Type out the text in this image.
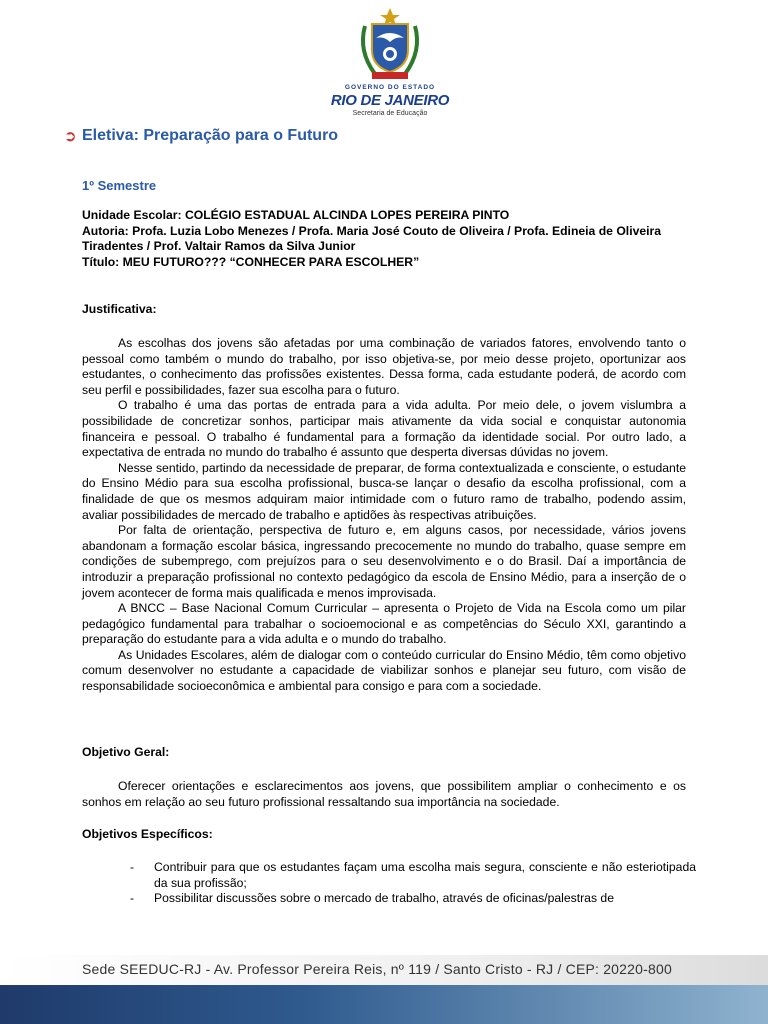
GOVERNO DO ESTADO
RIO DE JANEIRO
Secretaria de Educação
➲ Eletiva: Preparação para o Futuro
1º Semestre
Unidade Escolar: COLÉGIO ESTADUAL ALCINDA LOPES PEREIRA PINTO
Autoria: Profa. Luzia Lobo Menezes / Profa. Maria José Couto de Oliveira / Profa. Edineia de Oliveira Tiradentes / Prof. Valtair Ramos da Silva Junior
Título: MEU FUTURO??? “CONHECER PARA ESCOLHER”
Justificativa:

As escolhas dos jovens são afetadas por uma combinação de variados fatores, envolvendo tanto o pessoal como também o mundo do trabalho, por isso objetiva-se, por meio desse projeto, oportunizar aos estudantes, o conhecimento das profissões existentes. Dessa forma, cada estudante poderá, de acordo com seu perfil e possibilidades, fazer sua escolha para o futuro.

O trabalho é uma das portas de entrada para a vida adulta. Por meio dele, o jovem vislumbra a possibilidade de concretizar sonhos, participar mais ativamente da vida social e conquistar autonomia financeira e pessoal. O trabalho é fundamental para a formação da identidade social. Por outro lado, a expectativa de entrada no mundo do trabalho é assunto que desperta diversas dúvidas no jovem.

Nesse sentido, partindo da necessidade de preparar, de forma contextualizada e consciente, o estudante do Ensino Médio para sua escolha profissional, busca-se lançar o desafio da escolha profissional, com a finalidade de que os mesmos adquiram maior intimidade com o futuro ramo de trabalho, podendo assim, avaliar possibilidades de mercado de trabalho e aptidões às respectivas atribuições.

Por falta de orientação, perspectiva de futuro e, em alguns casos, por necessidade, vários jovens abandonam a formação escolar básica, ingressando precocemente no mundo do trabalho, quase sempre em condições de subemprego, com prejuízos para o seu desenvolvimento e o do Brasil. Daí a importância de introduzir a preparação profissional no contexto pedagógico da escola de Ensino Médio, para a inserção de o jovem acontecer de forma mais qualificada e menos improvisada.

A BNCC – Base Nacional Comum Curricular – apresenta o Projeto de Vida na Escola como um pilar pedagógico fundamental para trabalhar o socioemocional e as competências do Século XXI, garantindo a preparação do estudante para a vida adulta e o mundo do trabalho.

As Unidades Escolares, além de dialogar com o conteúdo curricular do Ensino Médio, têm como objetivo comum desenvolver no estudante a capacidade de viabilizar sonhos e planejar seu futuro, com visão de responsabilidade socioeconômica e ambiental para consigo e para com a sociedade.

Objetivo Geral:

Oferecer orientações e esclarecimentos aos jovens, que possibilitem ampliar o conhecimento e os sonhos em relação ao seu futuro profissional ressaltando sua importância na sociedade.

Objetivos Específicos:
- Contribuir para que os estudantes façam uma escolha mais segura, consciente e não esteriotipada da sua profissão;
- Possibilitar discussões sobre o mercado de trabalho, através de oficinas/palestras de
Sede SEEDUC-RJ - Av. Professor Pereira Reis, nº 119 / Santo Cristo - RJ / CEP: 20220-800
